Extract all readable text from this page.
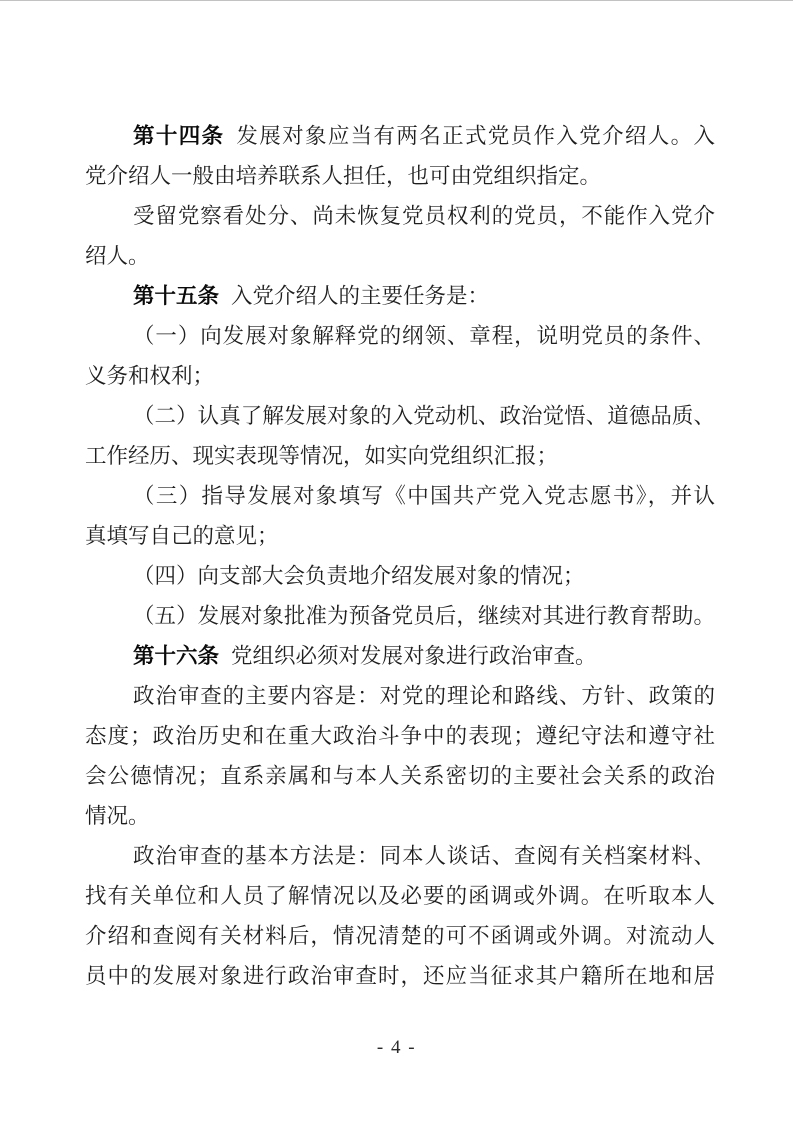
第十四条 发展对象应当有两名正式党员作入党介绍人。入
党介绍人一般由培养联系人担任，也可由党组织指定。
受留党察看处分、尚未恢复党员权利的党员，不能作入党介
绍人。
第十五条 入党介绍人的主要任务是：
（一）向发展对象解释党的纲领、章程，说明党员的条件、
义务和权利；
（二）认真了解发展对象的入党动机、政治觉悟、道德品质、
工作经历、现实表现等情况，如实向党组织汇报；
（三）指导发展对象填写《中国共产党入党志愿书》，并认
真填写自己的意见；
（四）向支部大会负责地介绍发展对象的情况；
（五）发展对象批准为预备党员后，继续对其进行教育帮助。
第十六条 党组织必须对发展对象进行政治审查。
政治审查的主要内容是：对党的理论和路线、方针、政策的
态度；政治历史和在重大政治斗争中的表现；遵纪守法和遵守社
会公德情况；直系亲属和与本人关系密切的主要社会关系的政治
情况。
政治审查的基本方法是：同本人谈话、查阅有关档案材料、
找有关单位和人员了解情况以及必要的函调或外调。在听取本人
介绍和查阅有关材料后，情况清楚的可不函调或外调。对流动人
员中的发展对象进行政治审查时，还应当征求其户籍所在地和居
- 4 -
